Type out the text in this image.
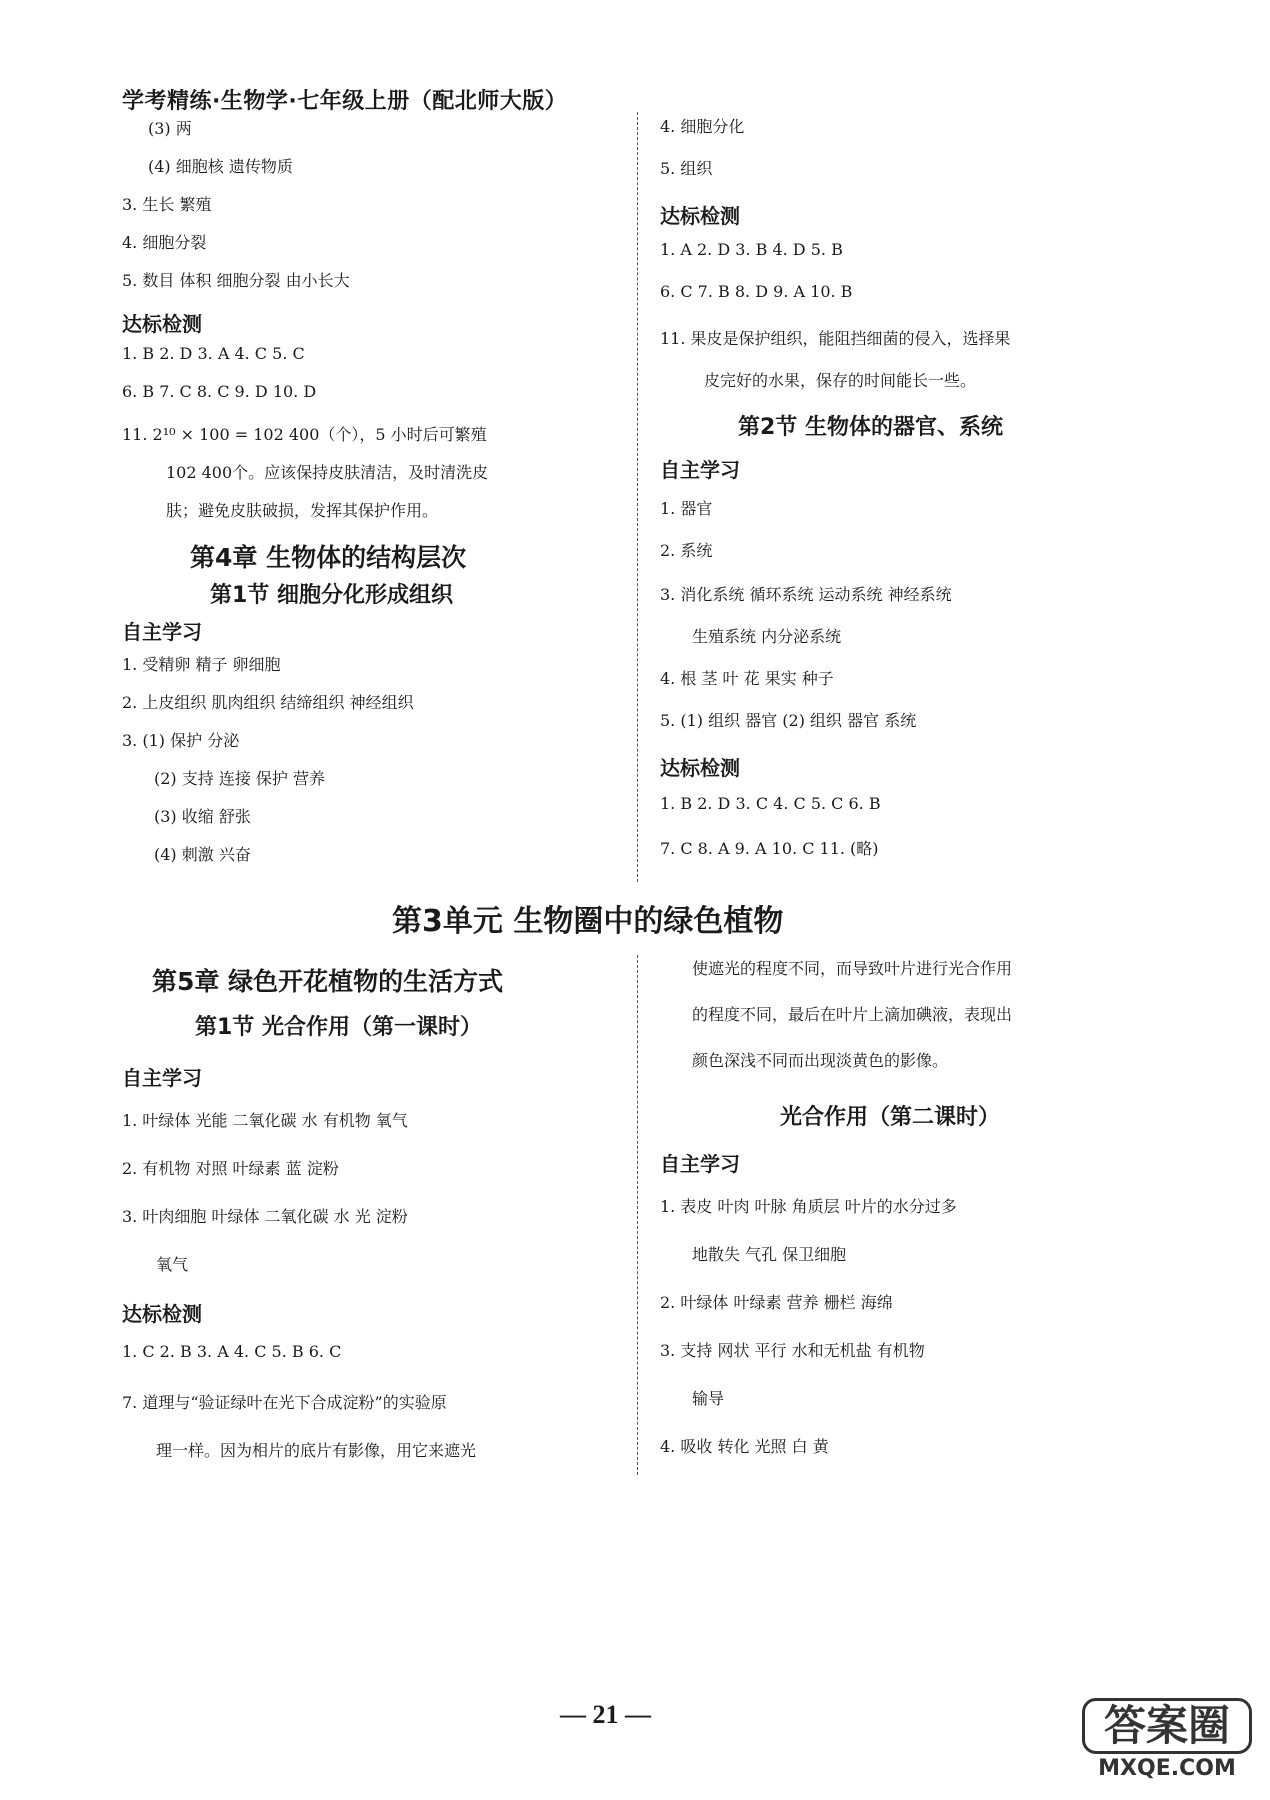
学考精练·生物学·七年级上册（配北师大版）
(3) 两
(4) 细胞核 遗传物质
3. 生长 繁殖
4. 细胞分裂
5. 数目 体积 细胞分裂 由小长大
达标检测
1. B 2. D 3. A 4. C 5. C
6. B 7. C 8. C 9. D 10. D
11. 2¹⁰ × 100 = 102 400（个），5 小时后可繁殖
102 400个。应该保持皮肤清洁，及时清洗皮
肤；避免皮肤破损，发挥其保护作用。
第4章 生物体的结构层次
第1节 细胞分化形成组织
自主学习
1. 受精卵 精子 卵细胞
2. 上皮组织 肌肉组织 结缔组织 神经组织
3. (1) 保护 分泌
(2) 支持 连接 保护 营养
(3) 收缩 舒张
(4) 刺激 兴奋
4. 细胞分化
5. 组织
达标检测
1. A 2. D 3. B 4. D 5. B
6. C 7. B 8. D 9. A 10. B
11. 果皮是保护组织，能阻挡细菌的侵入，选择果
皮完好的水果，保存的时间能长一些。
第2节 生物体的器官、系统
自主学习
1. 器官
2. 系统
3. 消化系统 循环系统 运动系统 神经系统
生殖系统 内分泌系统
4. 根 茎 叶 花 果实 种子
5. (1) 组织 器官 (2) 组织 器官 系统
达标检测
1. B 2. D 3. C 4. C 5. C 6. B
7. C 8. A 9. A 10. C 11. (略)
第3单元 生物圈中的绿色植物
第5章 绿色开花植物的生活方式
第1节 光合作用（第一课时）
自主学习
1. 叶绿体 光能 二氧化碳 水 有机物 氧气
2. 有机物 对照 叶绿素 蓝 淀粉
3. 叶肉细胞 叶绿体 二氧化碳 水 光 淀粉
氧气
达标检测
1. C 2. B 3. A 4. C 5. B 6. C
7. 道理与“验证绿叶在光下合成淀粉”的实验原
理一样。因为相片的底片有影像，用它来遮光
使遮光的程度不同，而导致叶片进行光合作用
的程度不同，最后在叶片上滴加碘液，表现出
颜色深浅不同而出现淡黄色的影像。
光合作用（第二课时）
自主学习
1. 表皮 叶肉 叶脉 角质层 叶片的水分过多
地散失 气孔 保卫细胞
2. 叶绿体 叶绿素 营养 栅栏 海绵
3. 支持 网状 平行 水和无机盐 有机物
输导
4. 吸收 转化 光照 白 黄
— 21 —	答案圈
MXQE.COM
